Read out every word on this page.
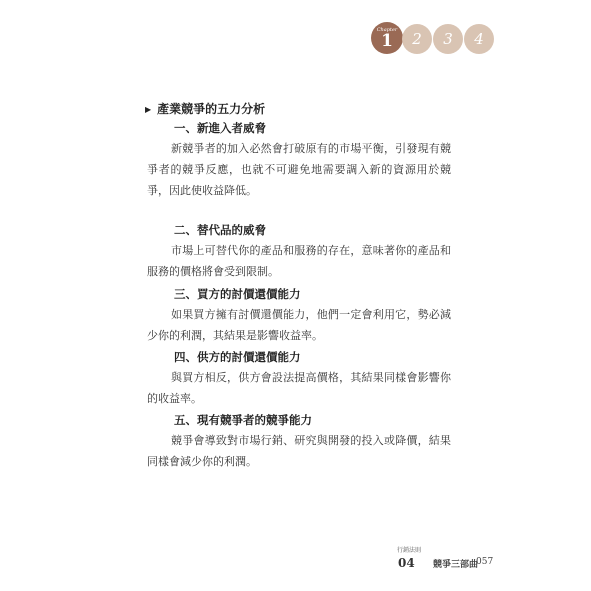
Chapter
1 2 3 4
▶ 產業競爭的五力分析
一、新進入者威脅

新競爭者的加入必然會打破原有的市場平衡，引發現有競爭者的競爭反應，也就不可避免地需要調入新的資源用於競爭，因此使收益降低。

二、替代品的威脅

市場上可替代你的產品和服務的存在，意味著你的產品和服務的價格將會受到限制。

三、買方的討價還價能力

如果買方擁有討價還價能力，他們一定會利用它，勢必減少你的利潤，其結果是影響收益率。

四、供方的討價還價能力

與買方相反，供方會設法提高價格，其結果同樣會影響你的收益率。

五、現有競爭者的競爭能力

競爭會導致對市場行銷、研究與開發的投入或降價，結果同樣會減少你的利潤。

行銷法則
04 競爭三部曲
057
